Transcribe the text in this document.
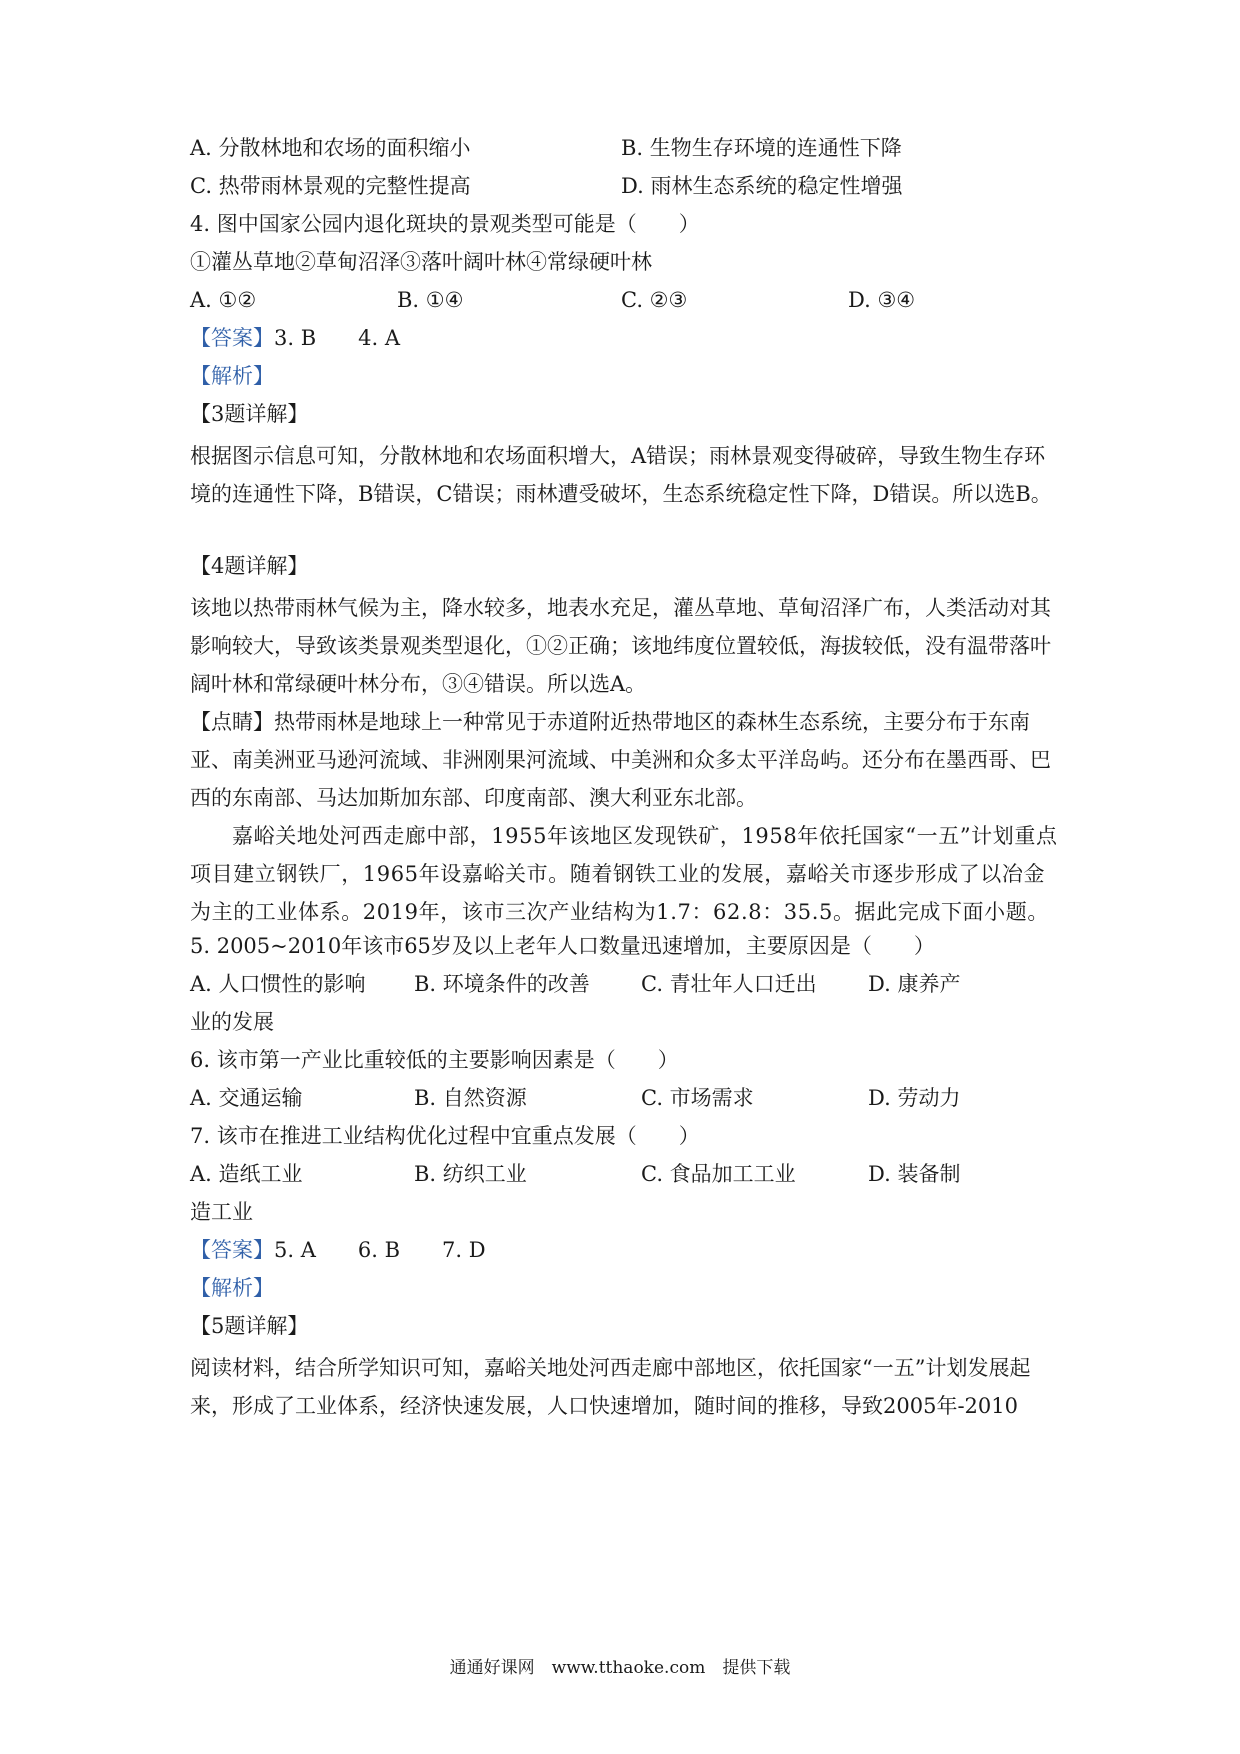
A. 分散林地和农场的面积缩小	B. 生物生存环境的连通性下降
C. 热带雨林景观的完整性提高	D. 雨林生态系统的稳定性增强
4. 图中国家公园内退化斑块的景观类型可能是（　　）
①灌丛草地②草甸沼泽③落叶阔叶林④常绿硬叶林
A. ①②	B. ①④	C. ②③	D. ③④
【答案】3. B　　4. A
【解析】
【3题详解】
根据图示信息可知，分散林地和农场面积增大，A错误；雨林景观变得破碎，导致生物生存环境的连通性下降，B错误，C错误；雨林遭受破坏，生态系统稳定性下降，D错误。所以选B。
【4题详解】
该地以热带雨林气候为主，降水较多，地表水充足，灌丛草地、草甸沼泽广布，人类活动对其影响较大，导致该类景观类型退化，①②正确；该地纬度位置较低，海拔较低，没有温带落叶阔叶林和常绿硬叶林分布，③④错误。所以选A。
【点睛】热带雨林是地球上一种常见于赤道附近热带地区的森林生态系统，主要分布于东南亚、南美洲亚马逊河流域、非洲刚果河流域、中美洲和众多太平洋岛屿。还分布在墨西哥、巴西的东南部、马达加斯加东部、印度南部、澳大利亚东北部。
嘉峪关地处河西走廊中部，1955年该地区发现铁矿，1958年依托国家“一五”计划重点项目建立钢铁厂，1965年设嘉峪关市。随着钢铁工业的发展，嘉峪关市逐步形成了以冶金为主的工业体系。2019年，该市三次产业结构为1.7：62.8：35.5。据此完成下面小题。
5. 2005~2010年该市65岁及以上老年人口数量迅速增加，主要原因是（　　）
A. 人口惯性的影响 B. 环境条件的改善 C. 青壮年人口迁出 D. 康养产
业的发展
6. 该市第一产业比重较低的主要影响因素是（　　）
A. 交通运输	B. 自然资源	C. 市场需求	D. 劳动力
7. 该市在推进工业结构优化过程中宜重点发展（　　）
A. 造纸工业	B. 纺织工业	C. 食品加工工业	D. 装备制
造工业
【答案】5. A　　6. B　　7. D
【解析】
【5题详解】
阅读材料，结合所学知识可知，嘉峪关地处河西走廊中部地区，依托国家“一五”计划发展起来，形成了工业体系，经济快速发展，人口快速增加，随时间的推移，导致2005年-2010
通通好课网　www.tthaoke.com　提供下载
